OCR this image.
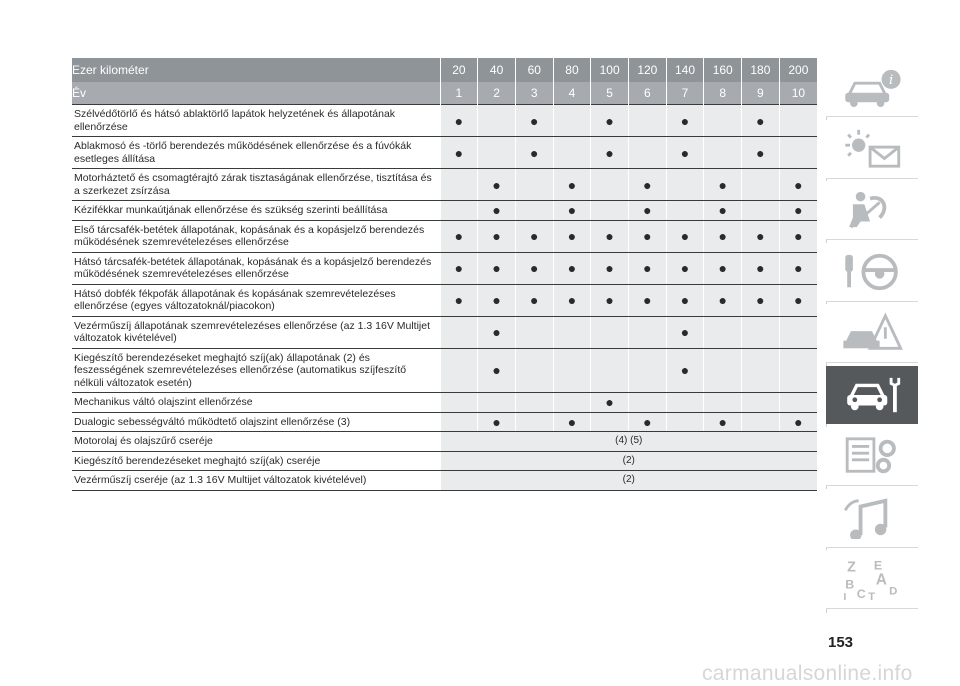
Ezer kilométer	20	40	60	80	100	120	140	160	180	200
Év	1	2	3	4	5	6	7	8	9	10
Szélvédőtörlő és hátsó ablaktörlő lapátok helyzetének és állapotának ellenőrzése	●		●		●		●		●	
Ablakmosó és -törlő berendezés működésének ellenőrzése és a fúvókák esetleges állítása	●		●		●		●		●	
Motorháztető és csomagtérajtó zárak tisztaságának ellenőrzése, tisztítása és a szerkezet zsírzása		●		●		●		●		●
Kézifékkar munkaútjának ellenőrzése és szükség szerinti beállítása		●		●		●		●		●
Első tárcsafék-betétek állapotának, kopásának és a kopásjelző berendezés működésének szemrevételezéses ellenőrzése	●	●	●	●	●	●	●	●	●	●
Hátsó tárcsafék-betétek állapotának, kopásának és a kopásjelző berendezés működésének szemrevételezéses ellenőrzése	●	●	●	●	●	●	●	●	●	●
Hátsó dobfék fékpofák állapotának és kopásának szemrevételezéses ellenőrzése (egyes változatoknál/piacokon)	●	●	●	●	●	●	●	●	●	●
Vezérműszíj állapotának szemrevételezéses ellenőrzése (az 1.3 16V Multijet változatok kivételével)		●					●			
Kiegészítő berendezéseket meghajtó szíj(ak) állapotának (2) és feszességének szemrevételezéses ellenőrzése (automatikus szíjfeszítő nélküli változatok esetén)		●					●			
Mechanikus váltó olajszint ellenőrzése					●					
Dualogic sebességváltó működtető olajszint ellenőrzése (3)		●		●		●		●		●
Motorolaj és olajszűrő cseréje	(4) (5)									
Kiegészítő berendezéseket meghajtó szíj(ak) cseréje	(2)									
Vezérműszíj cseréje (az 1.3 16V Multijet változatok kivételével)	(2)									
i
Z E
A
B
C D
I T
153
carmanualsonline.info
